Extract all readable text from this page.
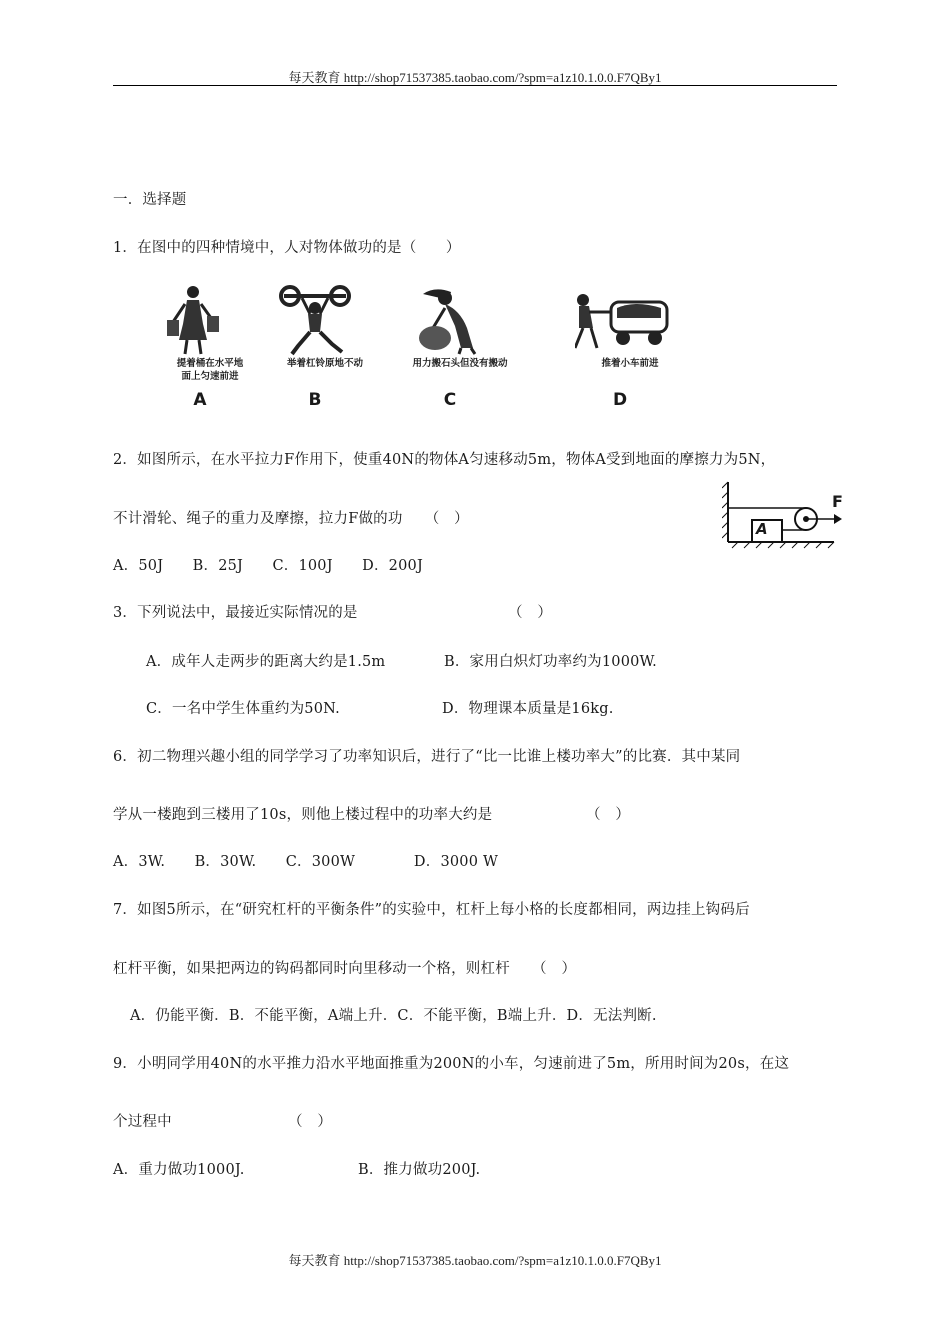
每天教育 http://shop71537385.taobao.com/?spm=a1z10.1.0.0.F7QBy1
一．选择题
1．在图中的四种情境中，人对物体做功的是（　　）
提着桶在水平地
面上匀速前进
A
举着杠铃原地不动
B
用力搬石头但没有搬动
C
推着小车前进
D
2．如图所示，在水平拉力F作用下，使重40N的物体A匀速移动5m，物体A受到地面的摩擦力为5N，
不计滑轮、绳子的重力及摩擦，拉力F做的功　　（　）
A．50J　　B．25J　　C．100J　　D．200J
A
F
3．下列说法中，最接近实际情况的是	（　）
A．成年人走两步的距离大约是1.5m	B．家用白炽灯功率约为1000W.
C．一名中学生体重约为50N.	D．物理课本质量是16kg.
6．初二物理兴趣小组的同学学习了功率知识后，进行了“比一比谁上楼功率大”的比赛．其中某同
学从一楼跑到三楼用了10s，则他上楼过程中的功率大约是	（　）
A．3W.　　B．30W.　　C．300W　　　　D．3000 W
7．如图5所示，在“研究杠杆的平衡条件”的实验中，杠杆上每小格的长度都相同，两边挂上钩码后
杠杆平衡，如果把两边的钩码都同时向里移动一个格，则杠杆　　（　）
A．仍能平衡．B．不能平衡，A端上升．C．不能平衡，B端上升．D．无法判断.
9．小明同学用40N的水平推力沿水平地面推重为200N的小车，匀速前进了5m，所用时间为20s，在这
个过程中	（　）
A．重力做功1000J.	B．推力做功200J.
每天教育 http://shop71537385.taobao.com/?spm=a1z10.1.0.0.F7QBy1
